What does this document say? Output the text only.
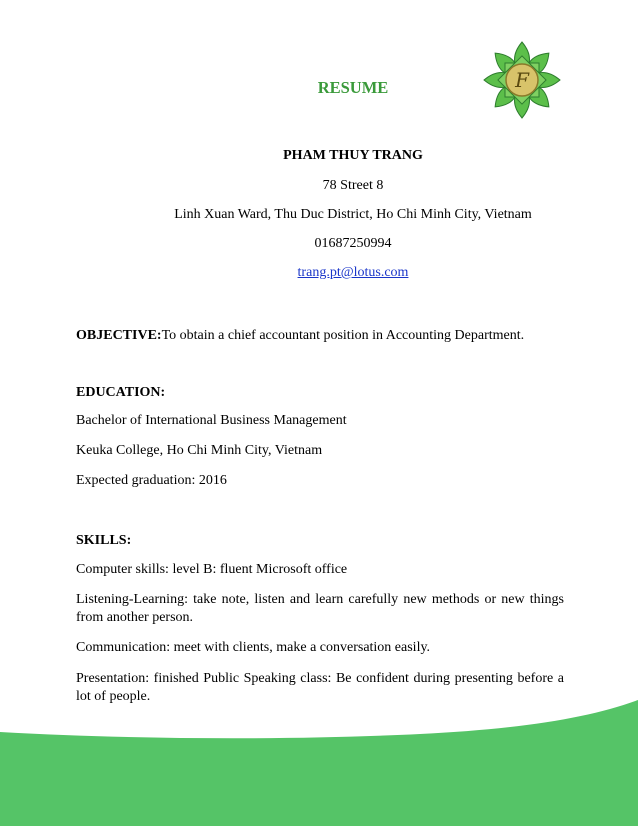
F
RESUME
PHAM THUY TRANG
78 Street 8
Linh Xuan Ward, Thu Duc District, Ho Chi Minh City, Vietnam
01687250994
trang.pt@lotus.com
OBJECTIVE:To obtain a chief accountant position in Accounting Department.
EDUCATION:
Bachelor of International Business Management
Keuka College, Ho Chi Minh City, Vietnam
Expected graduation: 2016
SKILLS:
Computer skills: level B: fluent Microsoft office
Listening-Learning: take note, listen and learn carefully new methods or new things from another person.
Communication: meet with clients, make a conversation easily.
Presentation: finished Public Speaking class: Be confident during presenting before a lot of people.
